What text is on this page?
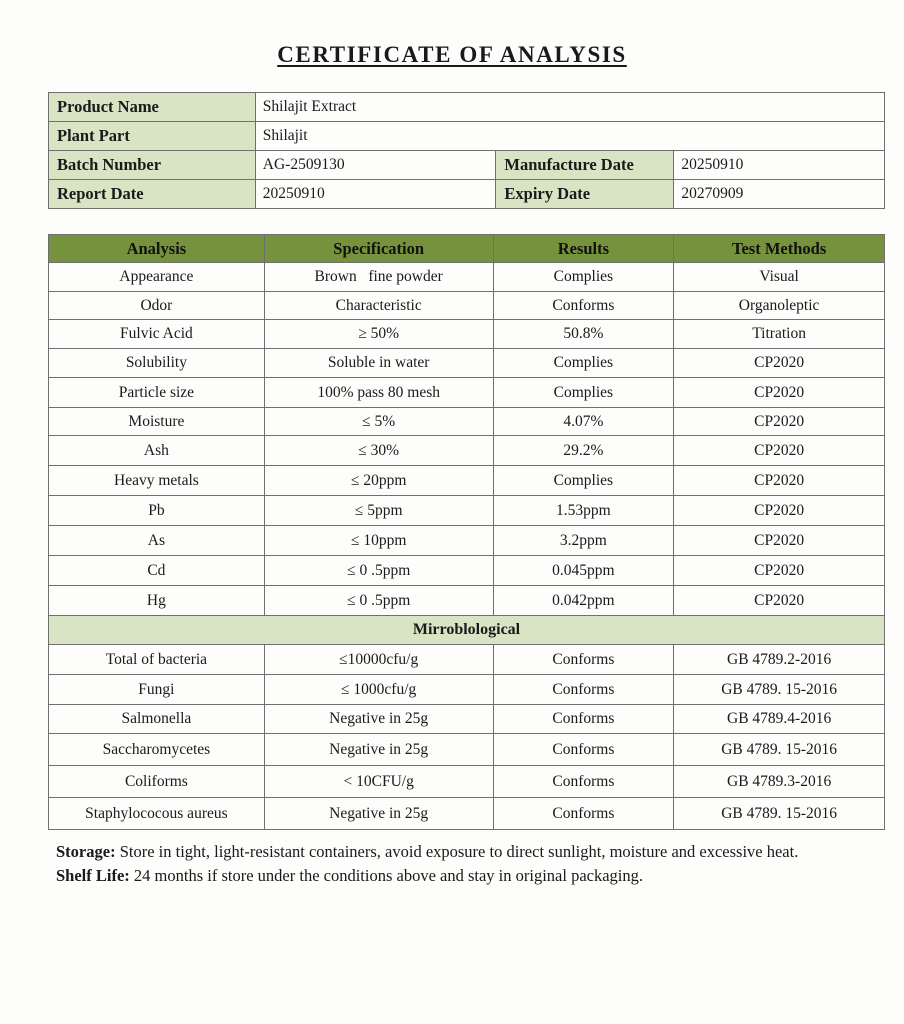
CERTIFICATE OF ANALYSIS
Product Name	Shilajit Extract		
Plant Part	Shilajit		
Batch Number	AG-2509130	Manufacture Date	20250910
Report Date	20250910	Expiry Date	20270909
Analysis	Specification	Results	Test Methods
Appearance	Brown   fine powder	Complies	Visual
Odor	Characteristic	Conforms	Organoleptic
Fulvic Acid	≥ 50%	50.8%	Titration
Solubility	Soluble in water	Complies	CP2020
Particle size	100% pass 80 mesh	Complies	CP2020
Moisture	≤ 5%	4.07%	CP2020
Ash	≤ 30%	29.2%	CP2020
Heavy metals	≤ 20ppm	Complies	CP2020
Pb	≤ 5ppm	1.53ppm	CP2020
As	≤ 10ppm	3.2ppm	CP2020
Cd	≤ 0 .5ppm	0.045ppm	CP2020
Hg	≤ 0 .5ppm	0.042ppm	CP2020
Mirroblological			
Total of bacteria	≤10000cfu/g	Conforms	GB 4789.2-2016
Fungi	≤ 1000cfu/g	Conforms	GB 4789. 15-2016
Salmonella	Negative in 25g	Conforms	GB 4789.4-2016
Saccharomycetes	Negative in 25g	Conforms	GB 4789. 15-2016
Coliforms	< 10CFU/g	Conforms	GB 4789.3-2016
Staphylococous aureus	Negative in 25g	Conforms	GB 4789. 15-2016
Storage: Store in tight, light-resistant containers, avoid exposure to direct sunlight, moisture and excessive heat.
Shelf Life: 24 months if store under the conditions above and stay in original packaging.
